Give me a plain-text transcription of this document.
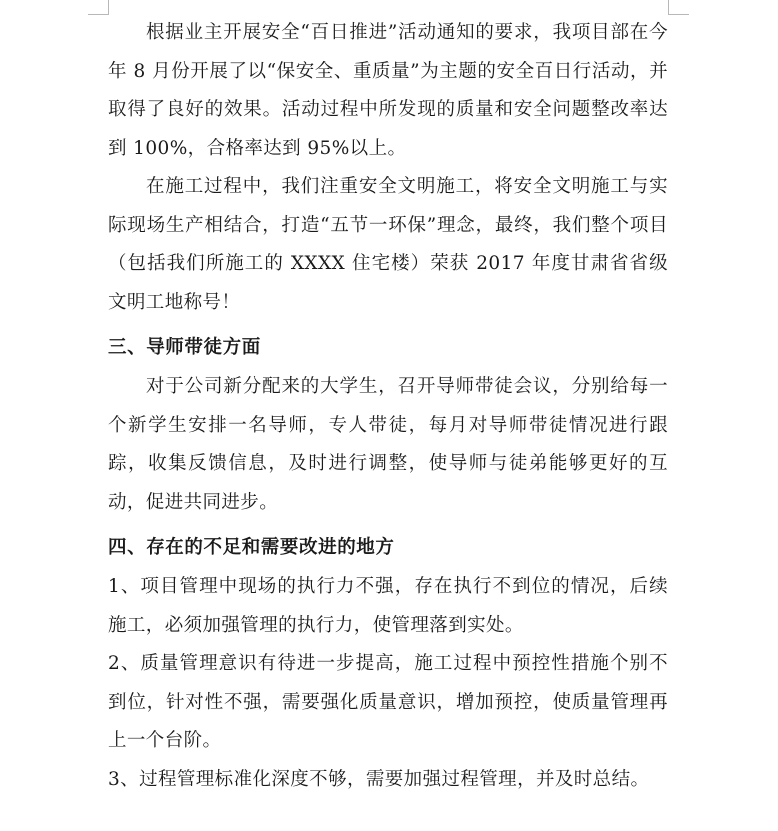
根据业主开展安全“百日推进”活动通知的要求，我项目部在今年 8 月份开展了以“保安全、重质量”为主题的安全百日行活动，并取得了良好的效果。活动过程中所发现的质量和安全问题整改率达到 100%，合格率达到 95%以上。

在施工过程中，我们注重安全文明施工，将安全文明施工与实际现场生产相结合，打造“五节一环保”理念，最终，我们整个项目（包括我们所施工的 XXXX 住宅楼）荣获 2017 年度甘肃省省级文明工地称号！

三、导师带徒方面

对于公司新分配来的大学生，召开导师带徒会议，分别给每一个新学生安排一名导师，专人带徒，每月对导师带徒情况进行跟踪，收集反馈信息，及时进行调整，使导师与徒弟能够更好的互动，促进共同进步。

四、存在的不足和需要改进的地方

1、项目管理中现场的执行力不强，存在执行不到位的情况，后续施工，必须加强管理的执行力，使管理落到实处。

2、质量管理意识有待进一步提高，施工过程中预控性措施个别不到位，针对性不强，需要强化质量意识，增加预控，使质量管理再上一个台阶。

3、过程管理标准化深度不够，需要加强过程管理，并及时总结。
